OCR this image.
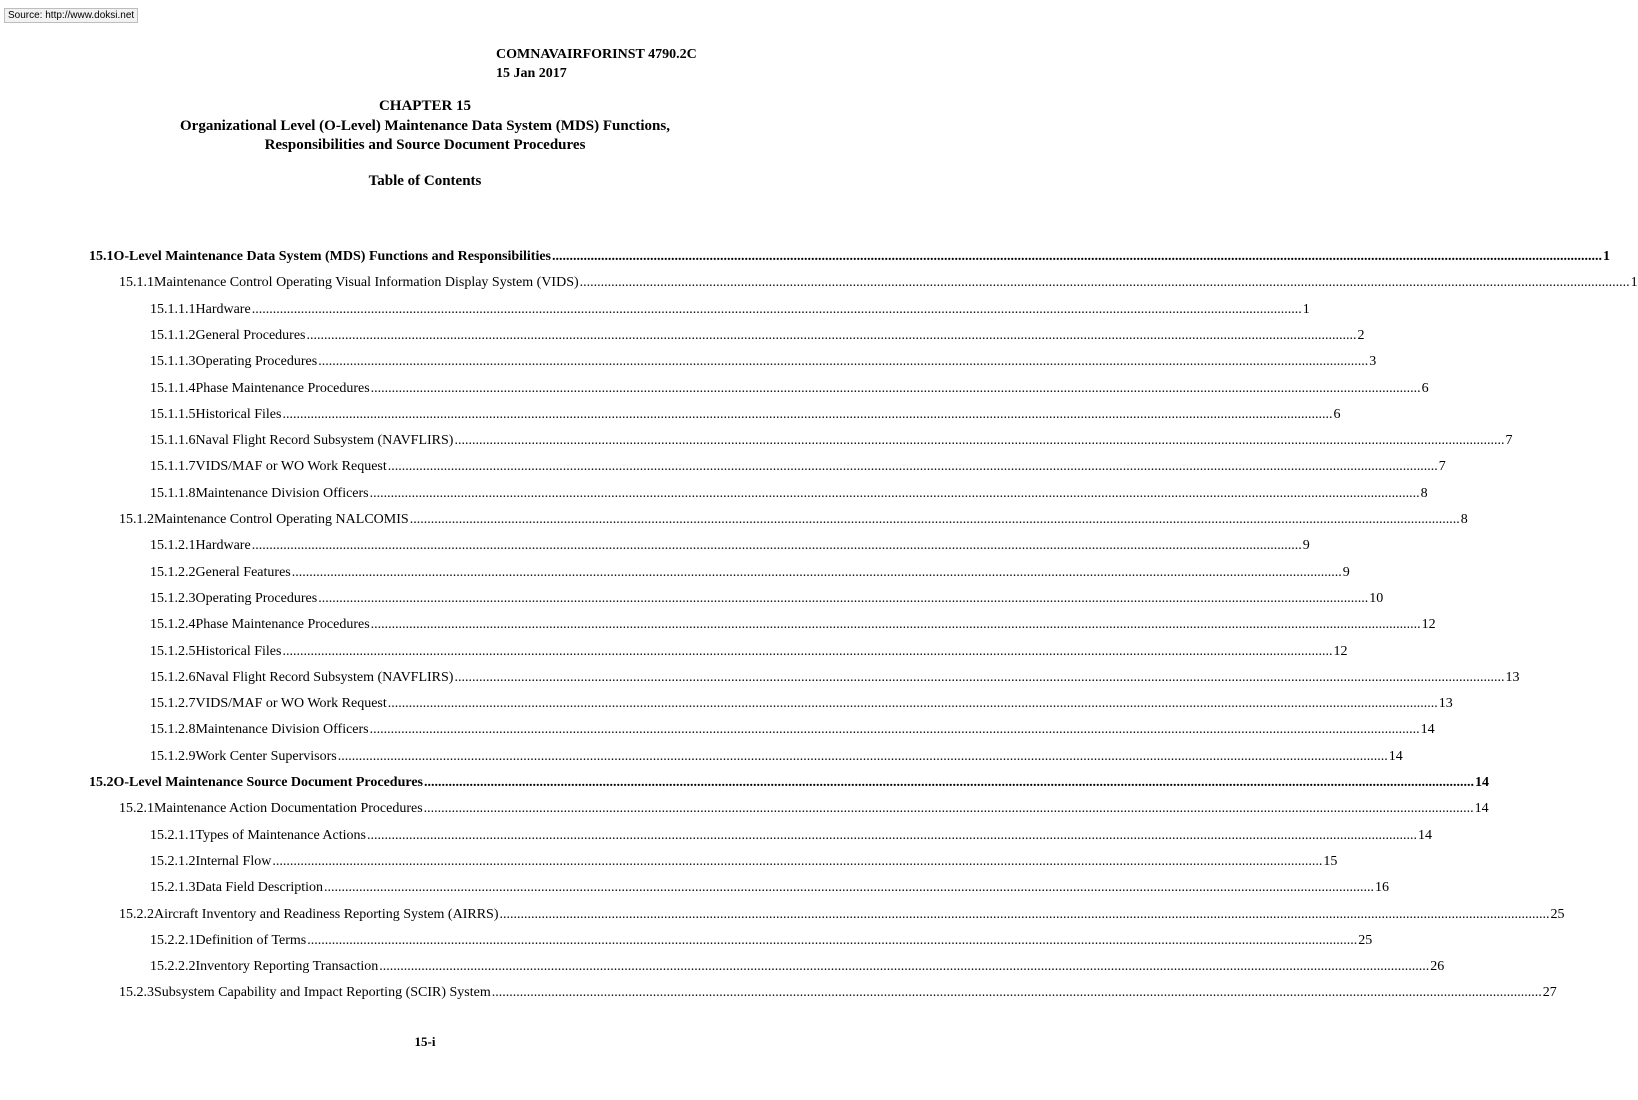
Source: http://www.doksi.net
COMNAVAIRFORINST 4790.2C
15 Jan 2017
CHAPTER 15
Organizational Level (O-Level) Maintenance Data System (MDS) Functions,
Responsibilities and Source Document Procedures
Table of Contents
15.1 O-Level Maintenance Data System (MDS) Functions and Responsibilities ............................................................................................................................................................................................................................................................................................................ 1
15.1.1 Maintenance Control Operating Visual Information Display System (VIDS) ............................................................................................................................................................................................................................................................................................................ 1
15.1.1.1 Hardware ............................................................................................................................................................................................................................................................................................................ 1
15.1.1.2 General Procedures ............................................................................................................................................................................................................................................................................................................ 2
15.1.1.3 Operating Procedures ............................................................................................................................................................................................................................................................................................................ 3
15.1.1.4 Phase Maintenance Procedures ............................................................................................................................................................................................................................................................................................................ 6
15.1.1.5 Historical Files ............................................................................................................................................................................................................................................................................................................ 6
15.1.1.6 Naval Flight Record Subsystem (NAVFLIRS) ............................................................................................................................................................................................................................................................................................................ 7
15.1.1.7 VIDS/MAF or WO Work Request ............................................................................................................................................................................................................................................................................................................ 7
15.1.1.8 Maintenance Division Officers ............................................................................................................................................................................................................................................................................................................ 8
15.1.2 Maintenance Control Operating NALCOMIS ............................................................................................................................................................................................................................................................................................................ 8
15.1.2.1 Hardware ............................................................................................................................................................................................................................................................................................................ 9
15.1.2.2 General Features ............................................................................................................................................................................................................................................................................................................ 9
15.1.2.3 Operating Procedures ............................................................................................................................................................................................................................................................................................................ 10
15.1.2.4 Phase Maintenance Procedures ............................................................................................................................................................................................................................................................................................................ 12
15.1.2.5 Historical Files ............................................................................................................................................................................................................................................................................................................ 12
15.1.2.6 Naval Flight Record Subsystem (NAVFLIRS) ............................................................................................................................................................................................................................................................................................................ 13
15.1.2.7 VIDS/MAF or WO Work Request ............................................................................................................................................................................................................................................................................................................ 13
15.1.2.8 Maintenance Division Officers ............................................................................................................................................................................................................................................................................................................ 14
15.1.2.9 Work Center Supervisors ............................................................................................................................................................................................................................................................................................................ 14
15.2 O-Level Maintenance Source Document Procedures ............................................................................................................................................................................................................................................................................................................ 14
15.2.1 Maintenance Action Documentation Procedures ............................................................................................................................................................................................................................................................................................................ 14
15.2.1.1 Types of Maintenance Actions ............................................................................................................................................................................................................................................................................................................ 14
15.2.1.2 Internal Flow ............................................................................................................................................................................................................................................................................................................ 15
15.2.1.3 Data Field Description ............................................................................................................................................................................................................................................................................................................ 16
15.2.2 Aircraft Inventory and Readiness Reporting System (AIRRS) ............................................................................................................................................................................................................................................................................................................ 25
15.2.2.1 Definition of Terms ............................................................................................................................................................................................................................................................................................................ 25
15.2.2.2 Inventory Reporting Transaction ............................................................................................................................................................................................................................................................................................................ 26
15.2.3 Subsystem Capability and Impact Reporting (SCIR) System ............................................................................................................................................................................................................................................................................................................ 27
15-i
